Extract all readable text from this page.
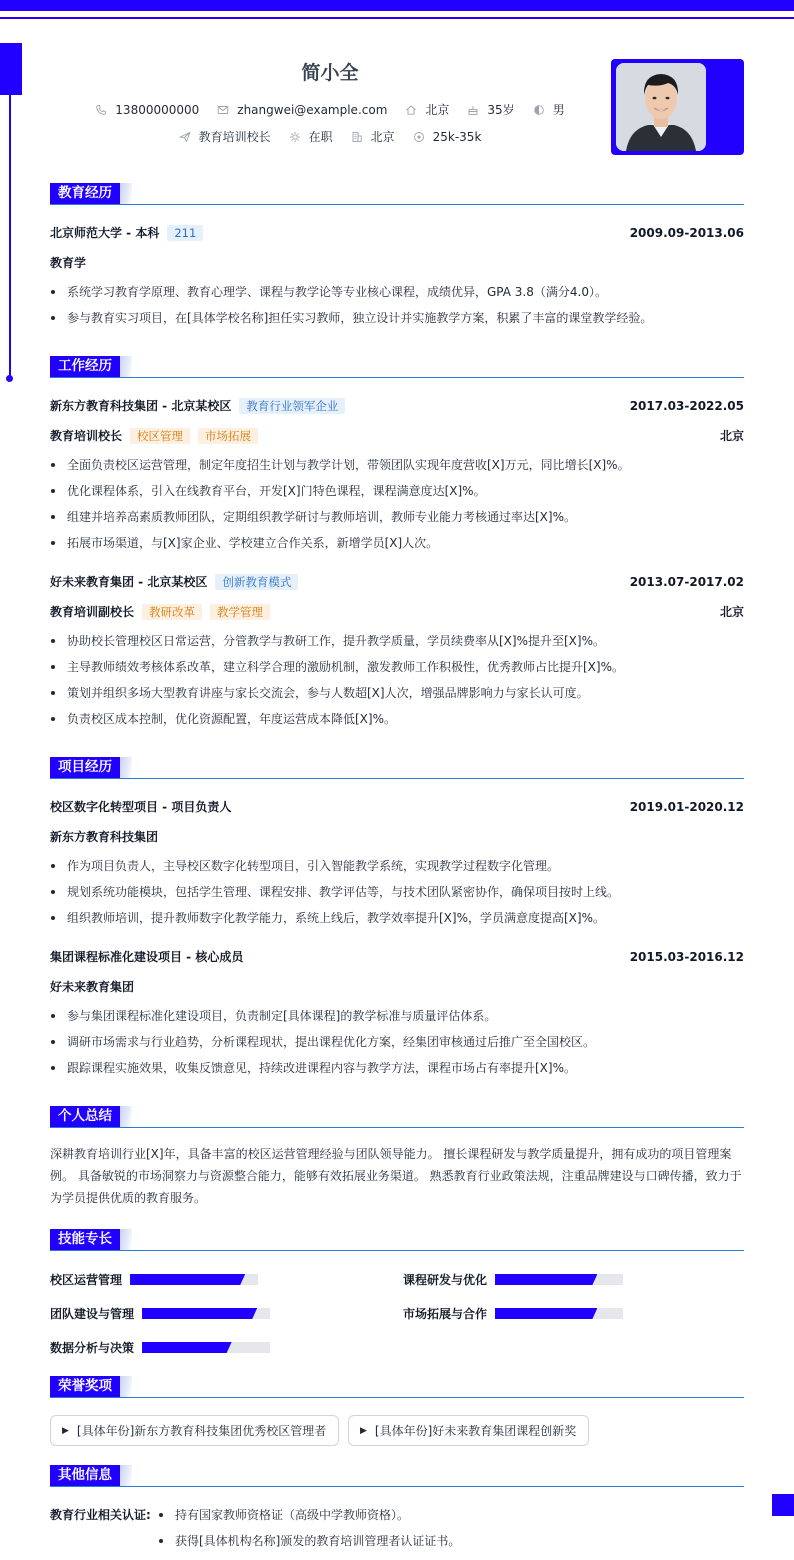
简小全
13800000000	zhangwei@example.com	北京	35岁	男
教育培训校长	在职	北京	25k-35k
教育经历
北京师范大学 - 本科	211	2009.09-2013.06
教育学
系统学习教育学原理、教育心理学、课程与教学论等专业核心课程，成绩优异，GPA 3.8（满分4.0）。
参与教育实习项目，在[具体学校名称]担任实习教师，独立设计并实施教学方案，积累了丰富的课堂教学经验。
工作经历
新东方教育科技集团 - 北京某校区	教育行业领军企业	2017.03-2022.05
教育培训校长	校区管理	市场拓展	北京
全面负责校区运营管理，制定年度招生计划与教学计划，带领团队实现年度营收[X]万元，同比增长[X]%。
优化课程体系，引入在线教育平台，开发[X]门特色课程，课程满意度达[X]%。
组建并培养高素质教师团队，定期组织教学研讨与教师培训，教师专业能力考核通过率达[X]%。
拓展市场渠道，与[X]家企业、学校建立合作关系，新增学员[X]人次。
好未来教育集团 - 北京某校区	创新教育模式	2013.07-2017.02
教育培训副校长	教研改革	教学管理	北京
协助校长管理校区日常运营，分管教学与教研工作，提升教学质量，学员续费率从[X]%提升至[X]%。
主导教师绩效考核体系改革，建立科学合理的激励机制，激发教师工作积极性，优秀教师占比提升[X]%。
策划并组织多场大型教育讲座与家长交流会，参与人数超[X]人次，增强品牌影响力与家长认可度。
负责校区成本控制，优化资源配置，年度运营成本降低[X]%。
项目经历
校区数字化转型项目 - 项目负责人	2019.01-2020.12
新东方教育科技集团
作为项目负责人，主导校区数字化转型项目，引入智能教学系统，实现教学过程数字化管理。
规划系统功能模块，包括学生管理、课程安排、教学评估等，与技术团队紧密协作，确保项目按时上线。
组织教师培训，提升教师数字化教学能力，系统上线后，教学效率提升[X]%，学员满意度提高[X]%。
集团课程标准化建设项目 - 核心成员	2015.03-2016.12
好未来教育集团
参与集团课程标准化建设项目，负责制定[具体课程]的教学标准与质量评估体系。
调研市场需求与行业趋势，分析课程现状，提出课程优化方案，经集团审核通过后推广至全国校区。
跟踪课程实施效果，收集反馈意见，持续改进课程内容与教学方法，课程市场占有率提升[X]%。
个人总结
深耕教育培训行业[X]年，具备丰富的校区运营管理经验与团队领导能力。 擅长课程研发与教学质量提升，拥有成功的项目管理案例。 具备敏锐的市场洞察力与资源整合能力，能够有效拓展业务渠道。 熟悉教育行业政策法规，注重品牌建设与口碑传播，致力于为学员提供优质的教育服务。
技能专长
校区运营管理	课程研发与优化
团队建设与管理	市场拓展与合作
数据分析与决策
荣誉奖项
▶ [具体年份]新东方教育科技集团优秀校区管理者	▶ [具体年份]好未来教育集团课程创新奖
其他信息
教育行业相关认证:	持有国家教师资格证（高级中学教师资格）。
获得[具体机构名称]颁发的教育培训管理者认证证书。
